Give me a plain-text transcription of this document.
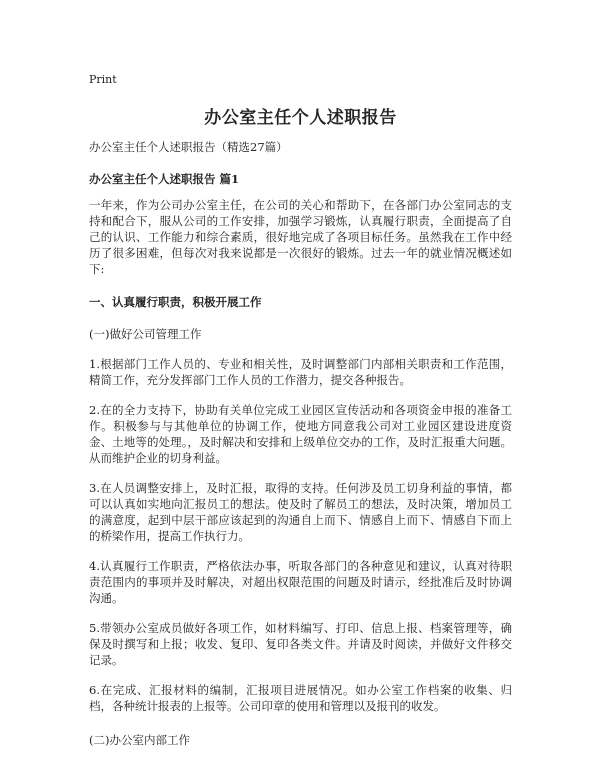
Print
办公室主任个人述职报告
办公室主任个人述职报告（精选27篇）
办公室主任个人述职报告 篇1
一年来，作为公司办公室主任，在公司的关心和帮助下，在各部门办公室同志的支持和配合下，服从公司的工作安排，加强学习锻炼，认真履行职责，全面提高了自己的认识、工作能力和综合素质，很好地完成了各项目标任务。虽然我在工作中经历了很多困难，但每次对我来说都是一次很好的锻炼。过去一年的就业情况概述如下:
一、认真履行职责，积极开展工作
(一)做好公司管理工作
1.根据部门工作人员的、专业和相关性，及时调整部门内部相关职责和工作范围，精简工作，充分发挥部门工作人员的工作潜力，提交各种报告。
2.在的全力支持下，协助有关单位完成工业园区宣传活动和各项资金申报的准备工作。积极参与与其他单位的协调工作，使地方同意我公司对工业园区建设进度资金、土地等的处理。，及时解决和安排和上级单位交办的工作，及时汇报重大问题。从而维护企业的切身利益。
3.在人员调整安排上，及时汇报，取得的支持。任何涉及员工切身利益的事情，都可以认真如实地向汇报员工的想法。使及时了解员工的想法，及时决策，增加员工的满意度，起到中层干部应该起到的沟通自上而下、情感自上而下、情感自下而上的桥梁作用，提高工作执行力。
4.认真履行工作职责，严格依法办事，听取各部门的各种意见和建议，认真对待职责范围内的事项并及时解决，对超出权限范围的问题及时请示，经批准后及时协调沟通。
5.带领办公室成员做好各项工作，如材料编写、打印、信息上报、档案管理等，确保及时撰写和上报；收发、复印、复印各类文件。并请及时阅读，并做好文件移交记录。
6.在完成、汇报材料的编制，汇报项目进展情况。如办公室工作档案的收集、归档，各种统计报表的上报等。公司印章的使用和管理以及报刊的收发。
(二)办公室内部工作
